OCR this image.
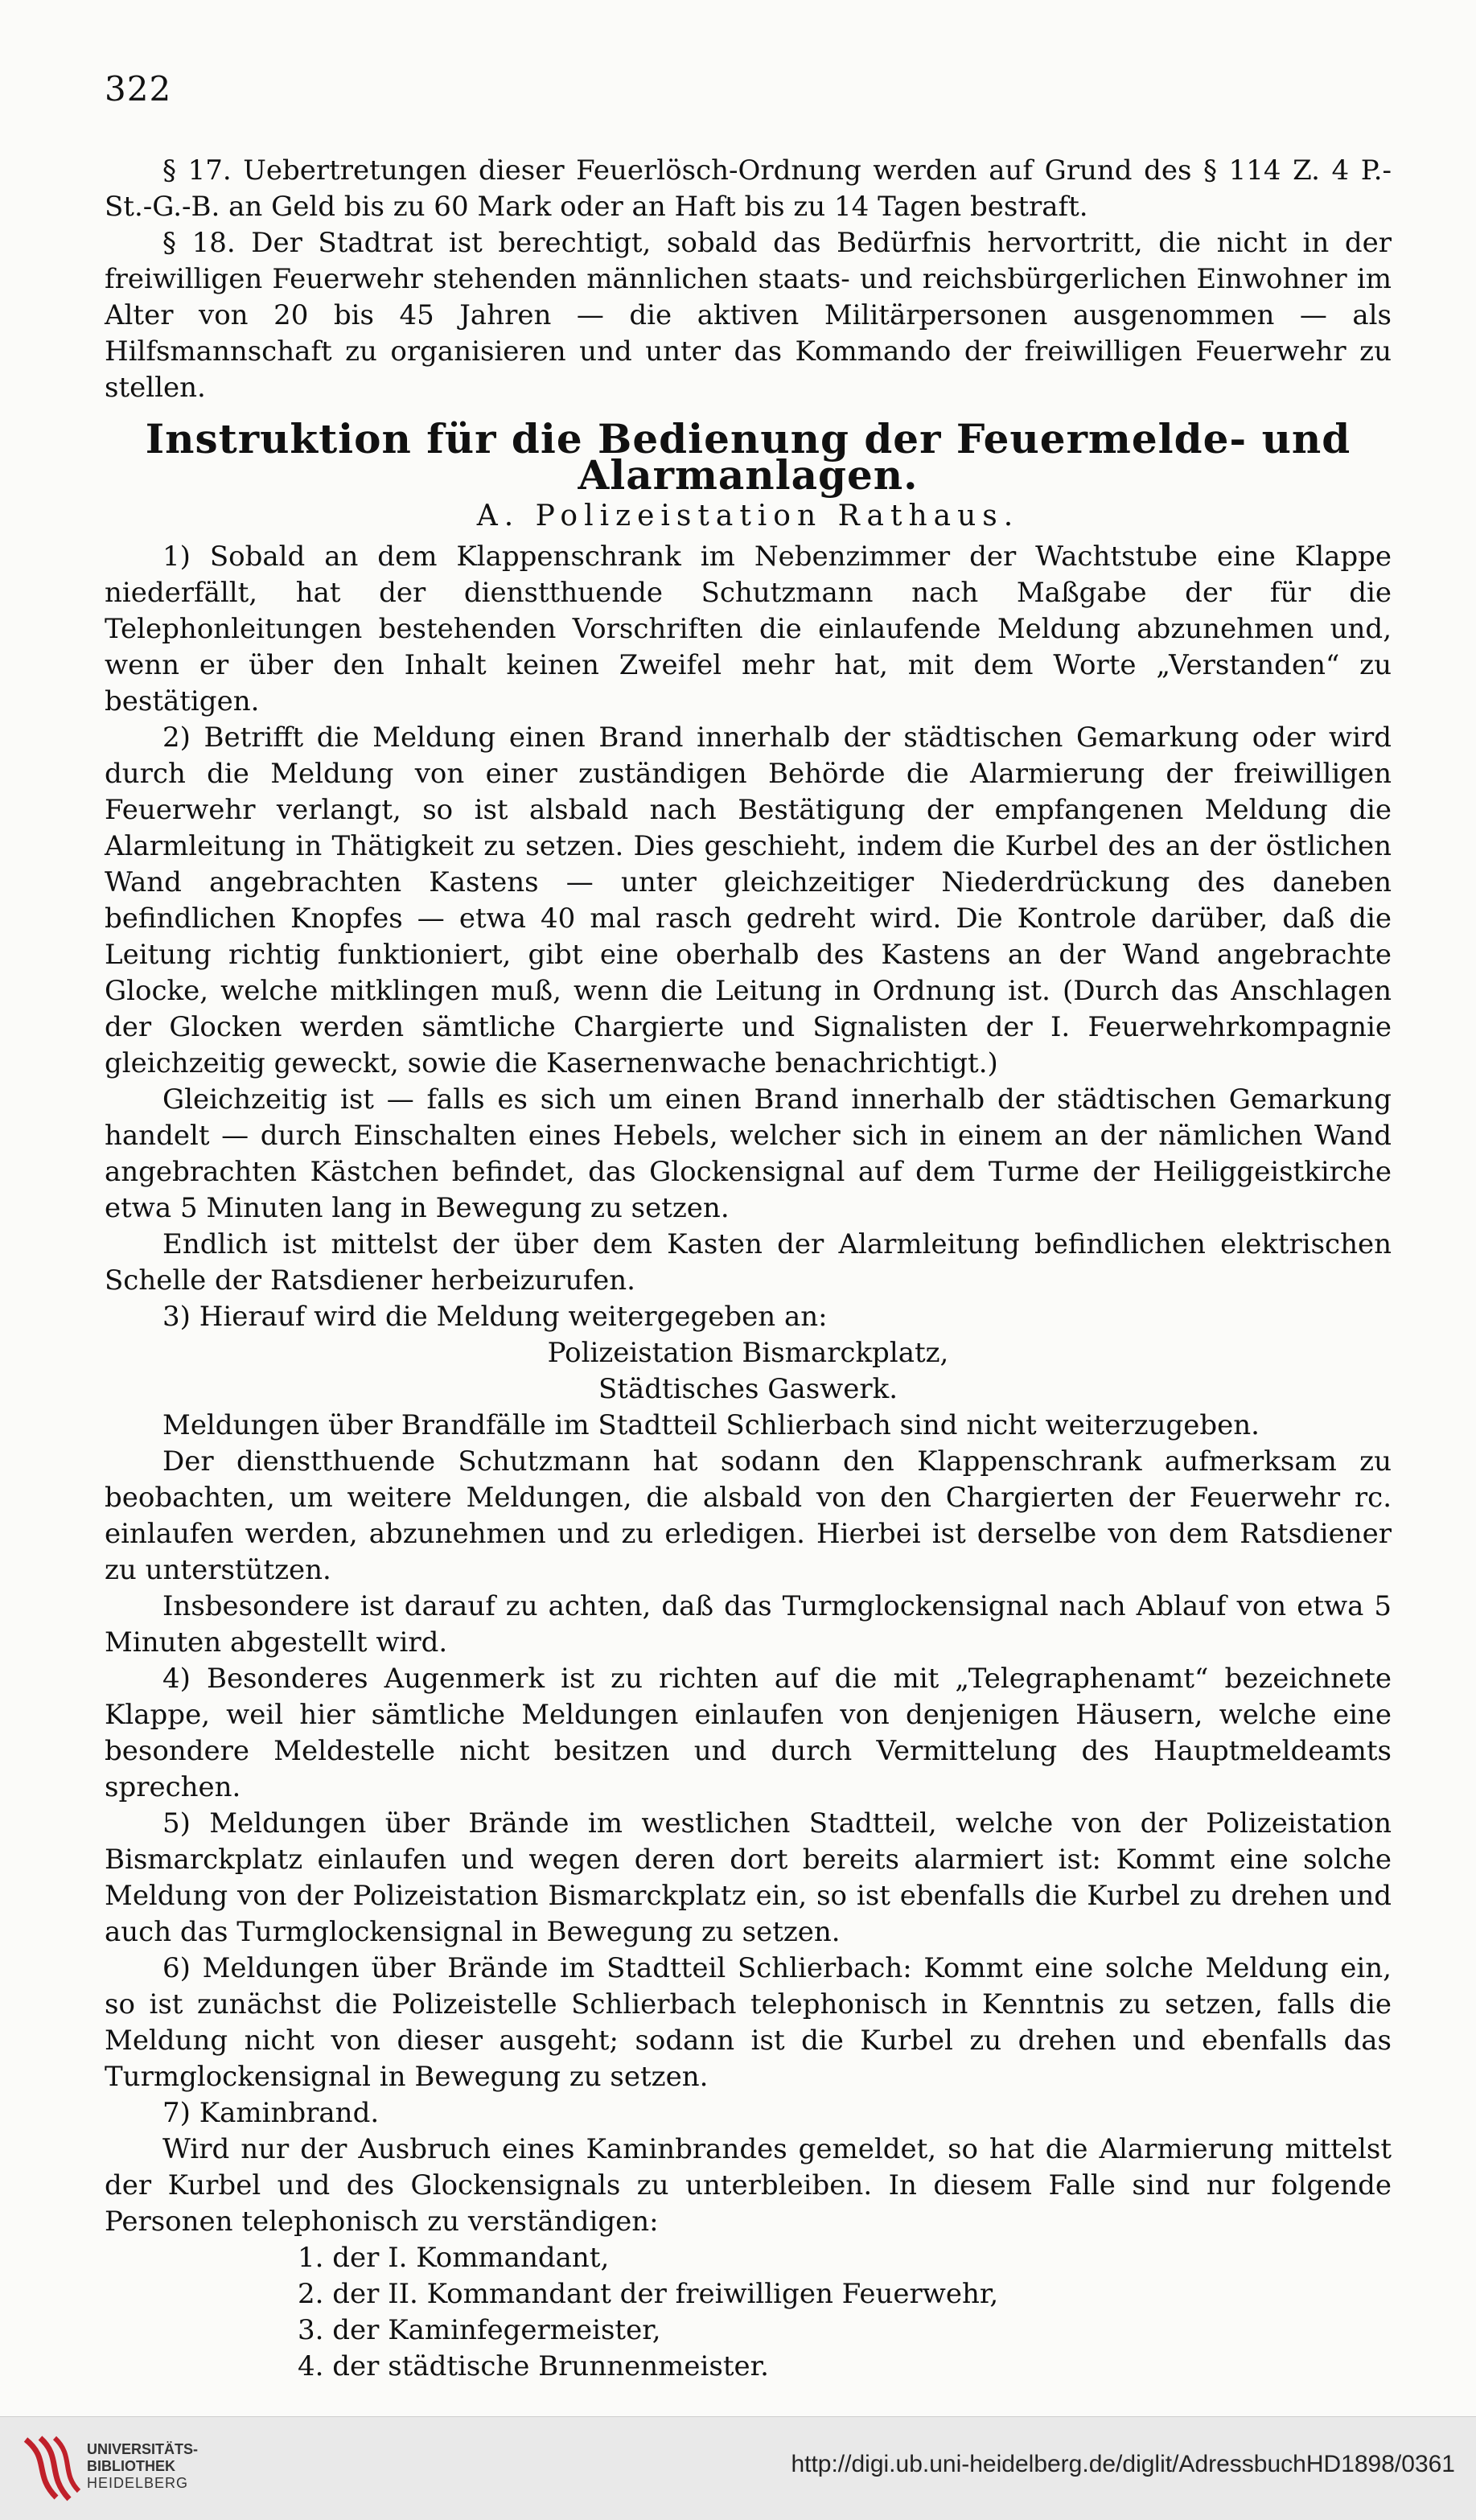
322

§ 17. Uebertretungen dieser Feuerlösch-Ordnung werden auf Grund des § 114 Z. 4 P.-St.-G.-B. an Geld bis zu 60 Mark oder an Haft bis zu 14 Tagen bestraft.

§ 18. Der Stadtrat ist berechtigt, sobald das Bedürfnis hervortritt, die nicht in der freiwilligen Feuerwehr stehenden männlichen staats- und reichsbürgerlichen Einwohner im Alter von 20 bis 45 Jahren — die aktiven Militärpersonen ausgenommen — als Hilfsmannschaft zu organisieren und unter das Kommando der freiwilligen Feuerwehr zu stellen.

Instruktion für die Bedienung der Feuermelde- und Alarmanlagen.
A. Polizeistation Rathaus.

1) Sobald an dem Klappenschrank im Nebenzimmer der Wachtstube eine Klappe niederfällt, hat der dienstthuende Schutzmann nach Maßgabe der für die Telephonleitungen bestehenden Vorschriften die einlaufende Meldung abzunehmen und, wenn er über den Inhalt keinen Zweifel mehr hat, mit dem Worte „Verstanden“ zu bestätigen.

2) Betrifft die Meldung einen Brand innerhalb der städtischen Gemarkung oder wird durch die Meldung von einer zuständigen Behörde die Alarmierung der freiwilligen Feuerwehr verlangt, so ist alsbald nach Bestätigung der empfangenen Meldung die Alarmleitung in Thätigkeit zu setzen. Dies geschieht, indem die Kurbel des an der östlichen Wand angebrachten Kastens — unter gleichzeitiger Niederdrückung des daneben befindlichen Knopfes — etwa 40 mal rasch gedreht wird. Die Kontrole darüber, daß die Leitung richtig funktioniert, gibt eine oberhalb des Kastens an der Wand angebrachte Glocke, welche mitklingen muß, wenn die Leitung in Ordnung ist. (Durch das Anschlagen der Glocken werden sämtliche Chargierte und Signalisten der I. Feuerwehrkompagnie gleichzeitig geweckt, sowie die Kasernenwache benachrichtigt.)

Gleichzeitig ist — falls es sich um einen Brand innerhalb der städtischen Gemarkung handelt — durch Einschalten eines Hebels, welcher sich in einem an der nämlichen Wand angebrachten Kästchen befindet, das Glockensignal auf dem Turme der Heiliggeistkirche etwa 5 Minuten lang in Bewegung zu setzen.

Endlich ist mittelst der über dem Kasten der Alarmleitung befindlichen elektrischen Schelle der Ratsdiener herbeizurufen.

3) Hierauf wird die Meldung weitergegeben an:

Polizeistation Bismarckplatz,

Städtisches Gaswerk.

Meldungen über Brandfälle im Stadtteil Schlierbach sind nicht weiterzugeben.

Der dienstthuende Schutzmann hat sodann den Klappenschrank aufmerksam zu beobachten, um weitere Meldungen, die alsbald von den Chargierten der Feuerwehr rc. einlaufen werden, abzunehmen und zu erledigen. Hierbei ist derselbe von dem Ratsdiener zu unterstützen.

Insbesondere ist darauf zu achten, daß das Turmglockensignal nach Ablauf von etwa 5 Minuten abgestellt wird.

4) Besonderes Augenmerk ist zu richten auf die mit „Telegraphenamt“ bezeichnete Klappe, weil hier sämtliche Meldungen einlaufen von denjenigen Häusern, welche eine besondere Meldestelle nicht besitzen und durch Vermittelung des Hauptmeldeamts sprechen.

5) Meldungen über Brände im westlichen Stadtteil, welche von der Polizeistation Bismarckplatz einlaufen und wegen deren dort bereits alarmiert ist: Kommt eine solche Meldung von der Polizeistation Bismarckplatz ein, so ist ebenfalls die Kurbel zu drehen und auch das Turmglockensignal in Bewegung zu setzen.

6) Meldungen über Brände im Stadtteil Schlierbach: Kommt eine solche Meldung ein, so ist zunächst die Polizeistelle Schlierbach telephonisch in Kenntnis zu setzen, falls die Meldung nicht von dieser ausgeht; sodann ist die Kurbel zu drehen und ebenfalls das Turmglockensignal in Bewegung zu setzen.

7) Kaminbrand.

Wird nur der Ausbruch eines Kaminbrandes gemeldet, so hat die Alarmierung mittelst der Kurbel und des Glockensignals zu unterbleiben. In diesem Falle sind nur folgende Personen telephonisch zu verständigen:

1. der I. Kommandant,
2. der II. Kommandant der freiwilligen Feuerwehr,
3. der Kaminfegermeister,
4. der städtische Brunnenmeister.
UNIVERSITÄTS-
BIBLIOTHEK
HEIDELBERG
http://digi.ub.uni-heidelberg.de/diglit/AdressbuchHD1898/0361
